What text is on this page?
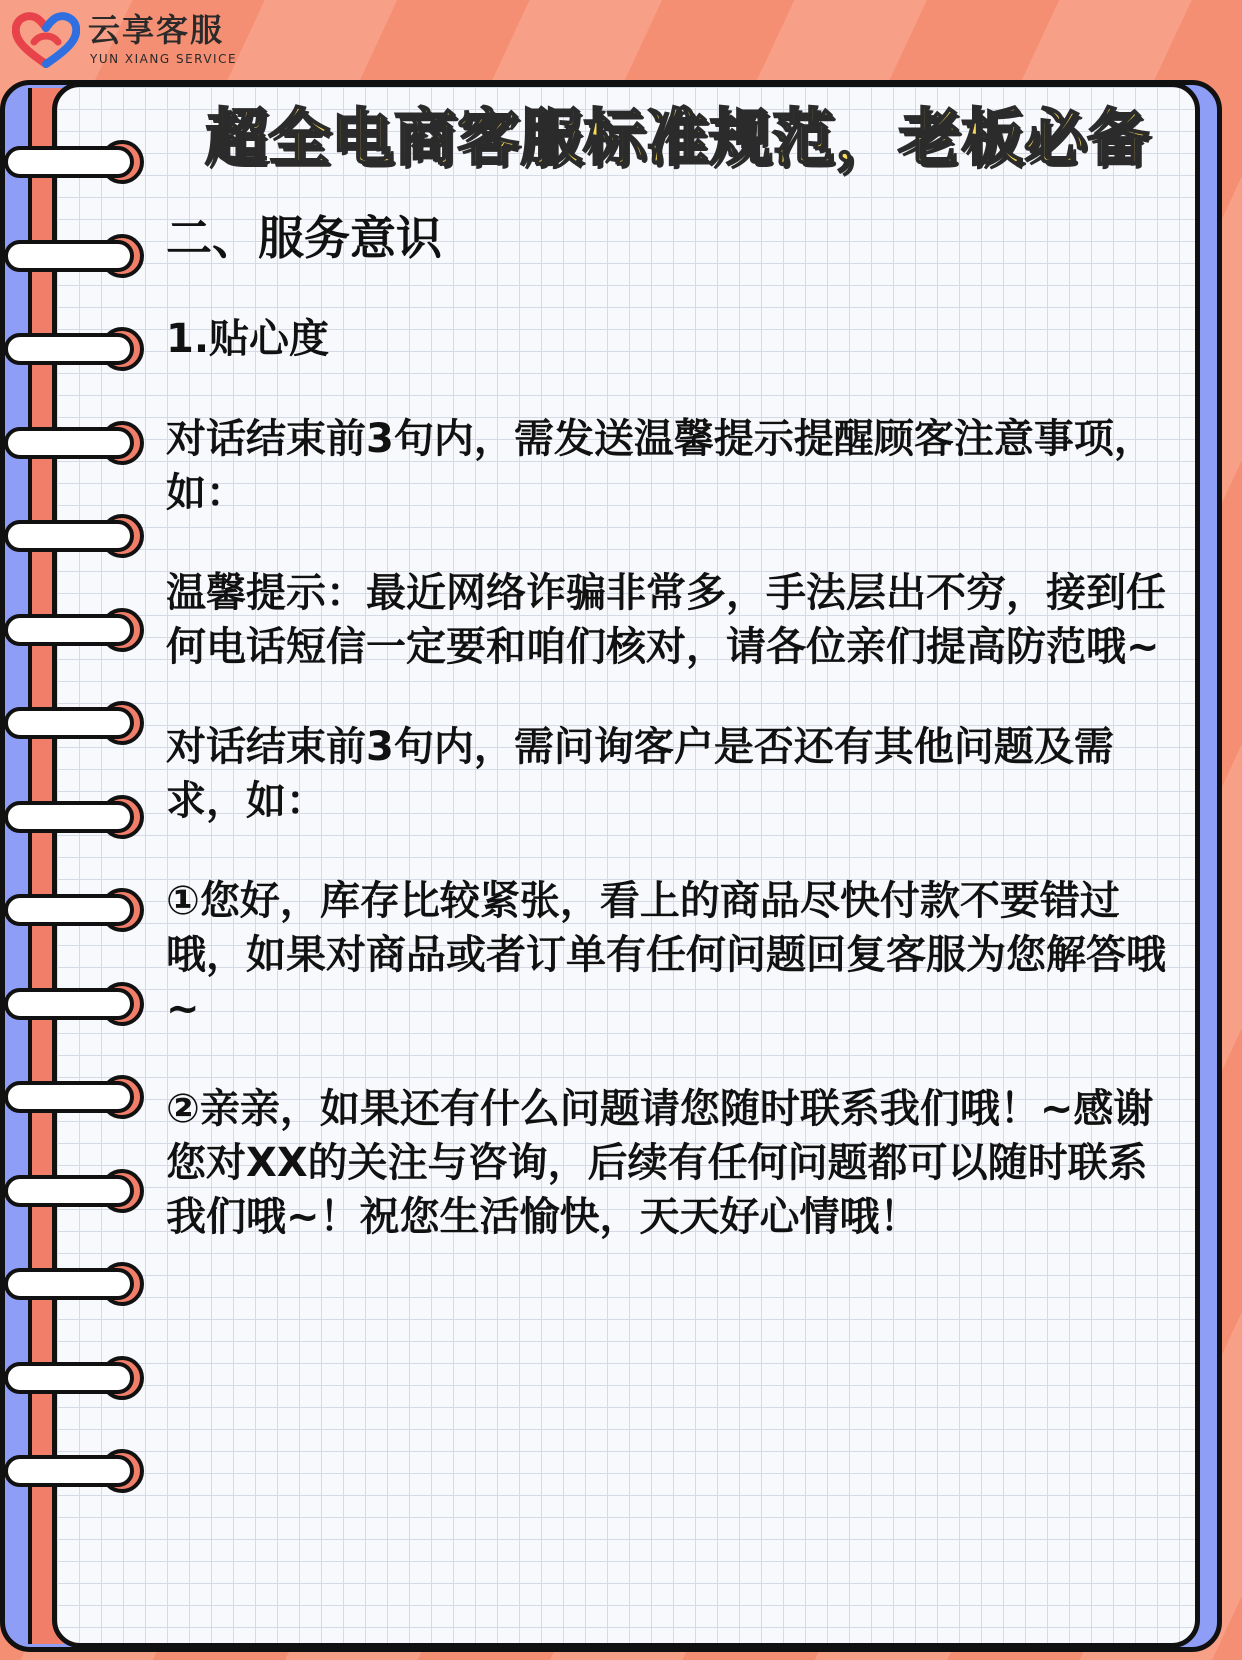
云享客服
YUN XIANG SERVICE
超全电商客服标准规范，老板必备
二、服务意识
1.贴心度
对话结束前3句内，需发送温馨提示提醒顾客注意事项，如：
温馨提示：最近网络诈骗非常多，手法层出不穷，接到任何电话短信一定要和咱们核对，请各位亲们提高防范哦~
对话结束前3句内，需问询客户是否还有其他问题及需求，如：
①您好，库存比较紧张，看上的商品尽快付款不要错过哦，如果对商品或者订单有任何问题回复客服为您解答哦~
②亲亲，如果还有什么问题请您随时联系我们哦！~感谢您对XX的关注与咨询，后续有任何问题都可以随时联系我们哦~！祝您生活愉快，天天好心情哦！
